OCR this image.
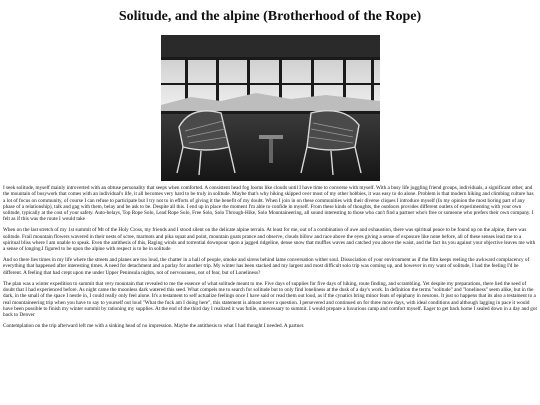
Solitude, and the alpine (Brotherhood of the Rope)

I seek solitude, myself mainly introverted with an obtuse personality that seeps when comforted. A consistent head fog looms like clouds until I have time to converse with myself. With a busy life juggling friend groups, individuals, a significant other, and the mountain of busywork that comes with an individual's life, it all becomes very hard to be truly in solitude. Maybe that's why hiking skipped over most of my other hobbies, it was easy to do alone. Problem is that modern hiking and climbing culture has a lot of focus on community, of course I can refuse to participate but I try not to in efforts of giving it the benefit of my doubt. When I join in on these communities with their diverse cliques I introduce myself (In my opinion the most boring part of any phase of a relationship), talk and gag with them, belay and be ask to be. Despite all this. I end up in place the moment I'm able to confide in myself. From these kinds of thoughts, the outdoors provides different outlets of experimenting with your own solitude, typically at the cost of your safety. Auto-belays, Top Rope Solo, Lead Rope Solo, Free Solo, Solo Through-Hike, Solo Mountaineering, all sound interesting to those who can't find a partner who's free or someone who prefers their own company. I felt as if this was the route I would take

When on the last stretch of my 1st summit of Mt of the Holy Cross, my friends and I stood silent on the delicate alpine terrain. At least for me, out of a combination of awe and exhaustion, there was spiritual peace to be found up on the alpine, there was solitude. Frail mountain flowers wavered in their nests of scree, marmots and pika squat and point, mountain goats prance and observe, clouds billow and race above the eyes giving a sense of exposure like none before, all of these senses lead me to a spiritual bliss where I am unable to speak. Even the antithesis of this, Raging winds and torrential downpour upon a jagged ridgeline, dense snow that muffles waves and catched you above the waist, and the fact its you against your objective leaves me with a sense of longing.I figured to be upon the alpine with respect is to be in solitude

And so there lies times in my life where the streets and planes are too loud, the chatter in a hall of people, smoke and sirens behind lame conversation wither soul. Dissociation of your environment as if the film keeps reeling the awkward complacency of everything that happened after interesting times. A need for detachment and a parlay for another trip. My winter has been stacked and my largest and most difficult solo trip was coming up, and however in my want of solitude, I had the feeling I'd be different. A feeling that had crept upon me under Upper Peninsula nights, not of nervousness, not of fear, but of Loneliness?

The plan was a winter expedition to summit that very mountain that revealed to me the essence of what solitude meant to me. Five days of supplies for five days of hiking, route finding, and scrambling. Yet despite my preparations, there lied the seed of doubt that I had experienced before. As night came the moonless dark watered this seed. What compels me to search for solitude but to only find loneliness at the dusk of a day's work. In definition the terms "solitude" and "loneliness" seem alike, but in the dark, in the small of the space I nestle in, I could really only feel alone. It's a testament to self actualize feelings once I have said or read them out loud, as if the cynatics bring minor feats of epiphany in neurons. It just so happens that its also a testament to a real mountaineering trip when you have to say to yourself out loud "What the fuck am I doing here", this statement is almost never a question. I persevered and continued on for three more days, with ideal conditions and although lagging in pace it would have been possible to finish my winter summit by rationing my supplies. At the end of the third day I realized it was futile, unnecessary to summit. I would prepare a luxurious camp and comfort myself. Eager to get back home I sealed down in a day and got back to Denver

Contemplation on the trip afterward left me with a sinking head of no impression. Maybe the antithesis to what I had thought I needed. A partner.
